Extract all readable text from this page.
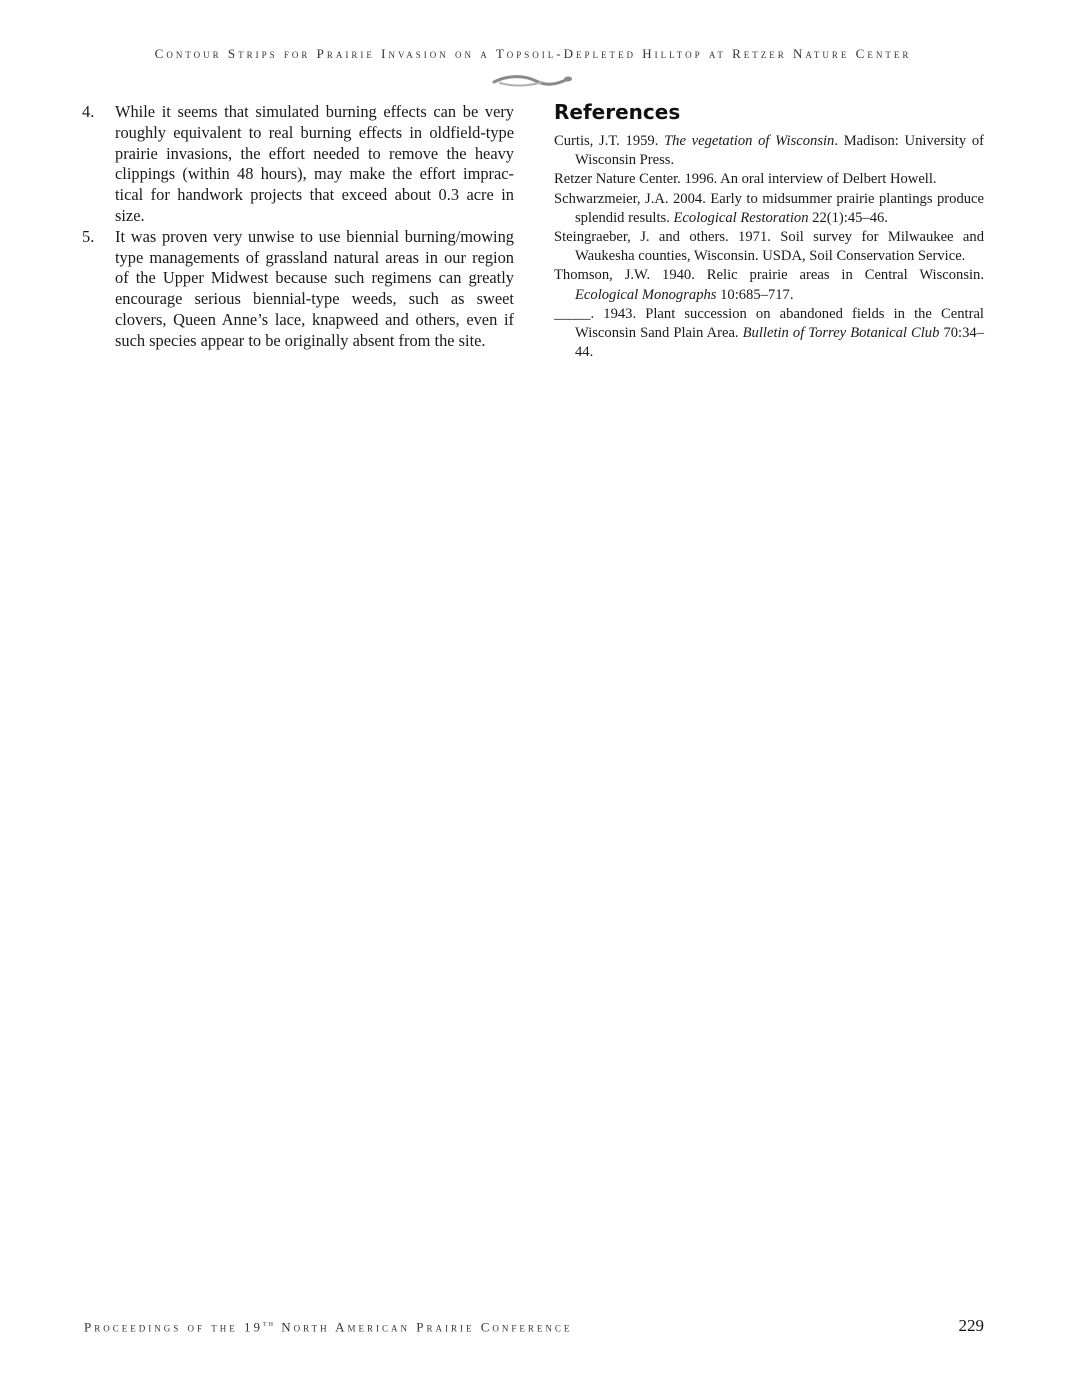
Contour Strips for Prairie Invasion on a Topsoil-Depleted Hilltop at Retzer Nature Center
4. While it seems that simulated burning effects can be very roughly equivalent to real burning effects in oldfield-type prairie invasions, the effort needed to remove the heavy clippings (within 48 hours), may make the effort imprac- tical for handwork projects that exceed about 0.3 acre in size.
5. It was proven very unwise to use biennial burning/mowing type managements of grassland natural areas in our region of the Upper Midwest because such regimens can greatly encourage serious biennial-type weeds, such as sweet clovers, Queen Anne’s lace, knapweed and others, even if such species appear to be originally absent from the site.
References
Curtis, J.T. 1959. The vegetation of Wisconsin. Madison: University of Wisconsin Press.
Retzer Nature Center. 1996. An oral interview of Delbert Howell.
Schwarzmeier, J.A. 2004. Early to midsummer prairie plantings produce splendid results. Ecological Restoration 22(1):45–46.
Steingraeber, J. and others. 1971. Soil survey for Milwaukee and Waukesha counties, Wisconsin. USDA, Soil Conservation Service.
Thomson, J.W. 1940. Relic prairie areas in Central Wisconsin. Ecological Monographs 10:685–717.
_____. 1943. Plant succession on abandoned fields in the Central Wisconsin Sand Plain Area. Bulletin of Torrey Botanical Club 70:34–44.
Proceedings of the 19th North American Prairie Conference	229
